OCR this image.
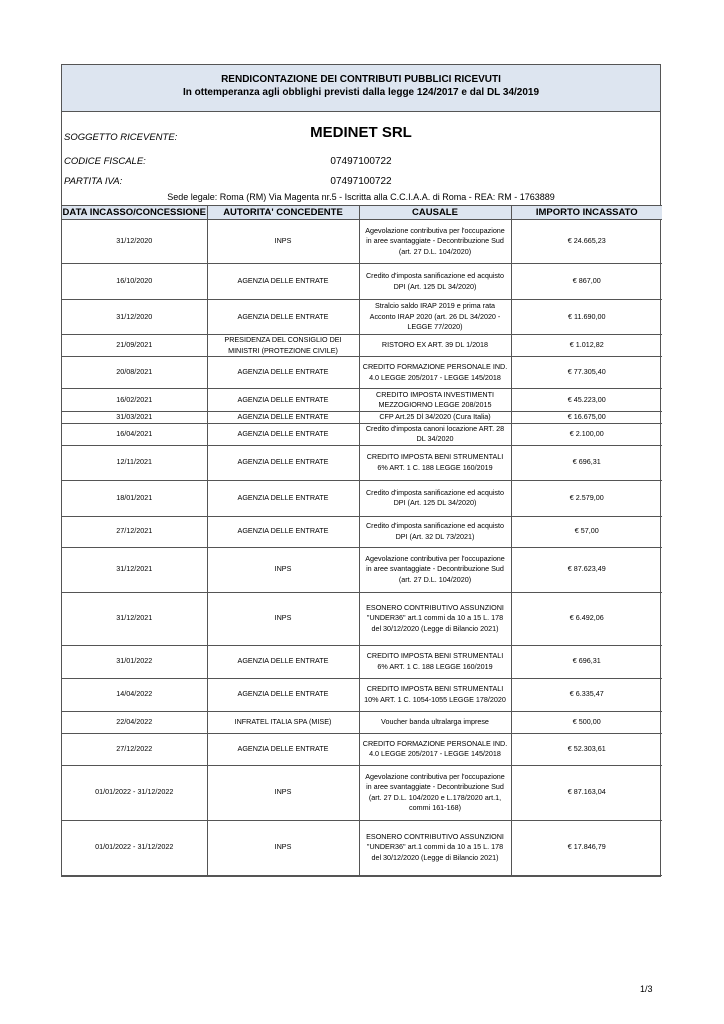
RENDICONTAZIONE DEI CONTRIBUTI PUBBLICI RICEVUTI
In ottemperanza agli obblighi previsti dalla legge 124/2017 e dal DL 34/2019
SOGGETTO RICEVENTE:	MEDINET SRL
CODICE FISCALE:	07497100722
PARTITA IVA:	07497100722
Sede legale: Roma (RM) Via Magenta nr.5 - Iscritta alla C.C.I.A.A. di Roma - REA: RM - 1763889
DATA INCASSO/CONCESSIONE	AUTORITA' CONCEDENTE	CAUSALE	IMPORTO INCASSATO
31/12/2020	INPS	Agevolazione contributiva per l'occupazione in aree svantaggiate - Decontribuzione Sud (art. 27 D.L. 104/2020)	€ 24.665,23
16/10/2020	AGENZIA DELLE ENTRATE	Credito d'imposta sanificazione ed acquisto DPI (Art. 125 DL 34/2020)	€ 867,00
31/12/2020	AGENZIA DELLE ENTRATE	Stralcio saldo IRAP 2019 e prima rata Acconto IRAP 2020 (art. 26 DL 34/2020 - LEGGE 77/2020)	€ 11.690,00
21/09/2021	PRESIDENZA DEL CONSIGLIO DEI MINISTRI (PROTEZIONE CIVILE)	RISTORO EX ART. 39 DL 1/2018	€ 1.012,82
20/08/2021	AGENZIA DELLE ENTRATE	CREDITO FORMAZIONE PERSONALE IND. 4.0 LEGGE 205/2017 - LEGGE 145/2018	€ 77.305,40
16/02/2021	AGENZIA DELLE ENTRATE	CREDITO IMPOSTA INVESTIMENTI MEZZOGIORNO LEGGE 208/2015	€ 45.223,00
31/03/2021	AGENZIA DELLE ENTRATE	CFP Art.25 Dl 34/2020 (Cura Italia)	€ 16.675,00
16/04/2021	AGENZIA DELLE ENTRATE	Credito d'imposta canoni locazione ART. 28 DL 34/2020	€ 2.100,00
12/11/2021	AGENZIA DELLE ENTRATE	CREDITO IMPOSTA BENI STRUMENTALI 6% ART. 1 C. 188 LEGGE 160/2019	€ 696,31
18/01/2021	AGENZIA DELLE ENTRATE	Credito d'imposta sanificazione ed acquisto DPI (Art. 125 DL 34/2020)	€ 2.579,00
27/12/2021	AGENZIA DELLE ENTRATE	Credito d'imposta sanificazione ed acquisto DPI (Art. 32 DL 73/2021)	€ 57,00
31/12/2021	INPS	Agevolazione contributiva per l'occupazione in aree svantaggiate - Decontribuzione Sud (art. 27 D.L. 104/2020)	€ 87.623,49
31/12/2021	INPS	ESONERO CONTRIBUTIVO ASSUNZIONI "UNDER36" art.1 commi da 10 a 15 L. 178 del 30/12/2020 (Legge di Bilancio 2021)	€ 6.492,06
31/01/2022	AGENZIA DELLE ENTRATE	CREDITO IMPOSTA BENI STRUMENTALI 6% ART. 1 C. 188 LEGGE 160/2019	€ 696,31
14/04/2022	AGENZIA DELLE ENTRATE	CREDITO IMPOSTA BENI STRUMENTALI 10% ART. 1 C. 1054-1055 LEGGE 178/2020	€ 6.335,47
22/04/2022	INFRATEL ITALIA SPA (MISE)	Voucher banda ultralarga imprese	€ 500,00
27/12/2022	AGENZIA DELLE ENTRATE	CREDITO FORMAZIONE PERSONALE IND. 4.0 LEGGE 205/2017 - LEGGE 145/2018	€ 52.303,61
01/01/2022 - 31/12/2022	INPS	Agevolazione contributiva per l'occupazione in aree svantaggiate - Decontribuzione Sud (art. 27 D.L. 104/2020 e L.178/2020 art.1, commi 161-168)	€ 87.163,04
01/01/2022 - 31/12/2022	INPS	ESONERO CONTRIBUTIVO ASSUNZIONI "UNDER36" art.1 commi da 10 a 15 L. 178 del 30/12/2020 (Legge di Bilancio 2021)	€ 17.846,79
1/3
